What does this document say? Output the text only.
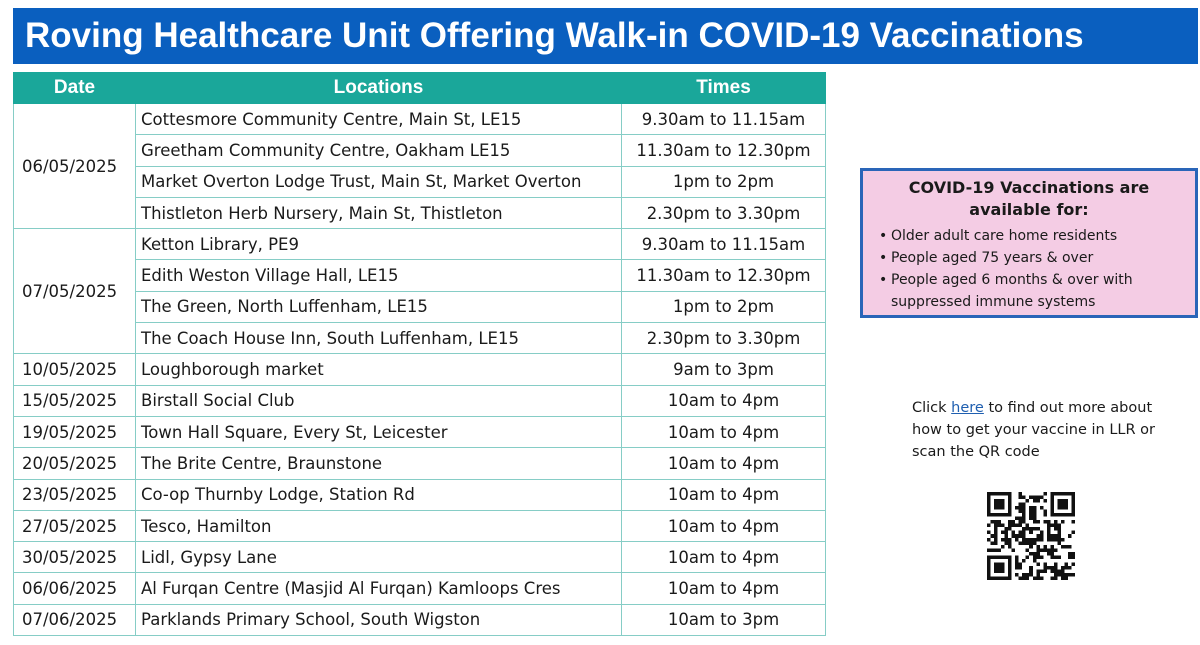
Roving Healthcare Unit Offering Walk-in COVID-19 Vaccinations
Date	Locations	Times
06/05/2025	Cottesmore Community Centre, Main St, LE15	9.30am to 11.15am
	Greetham Community Centre, Oakham LE15	11.30am to 12.30pm
	Market Overton Lodge Trust, Main St, Market Overton	1pm to 2pm
	Thistleton Herb Nursery, Main St, Thistleton	2.30pm to 3.30pm
07/05/2025	Ketton Library, PE9	9.30am to 11.15am
	Edith Weston Village Hall, LE15	11.30am to 12.30pm
	The Green, North Luffenham, LE15	1pm to 2pm
	The Coach House Inn, South Luffenham, LE15	2.30pm to 3.30pm
10/05/2025	Loughborough market	9am to 3pm
15/05/2025	Birstall Social Club	10am to 4pm
19/05/2025	Town Hall Square, Every St, Leicester	10am to 4pm
20/05/2025	The Brite Centre, Braunstone	10am to 4pm
23/05/2025	Co-op Thurnby Lodge, Station Rd	10am to 4pm
27/05/2025	Tesco, Hamilton	10am to 4pm
30/05/2025	Lidl, Gypsy Lane	10am to 4pm
06/06/2025	Al Furqan Centre (Masjid Al Furqan) Kamloops Cres	10am to 4pm
07/06/2025	Parklands Primary School, South Wigston	10am to 3pm
COVID-19 Vaccinations are available for:
• Older adult care home residents
• People aged 75 years & over
• People aged 6 months & over with suppressed immune systems
Click here to find out more about how to get your vaccine in LLR or scan the QR code
